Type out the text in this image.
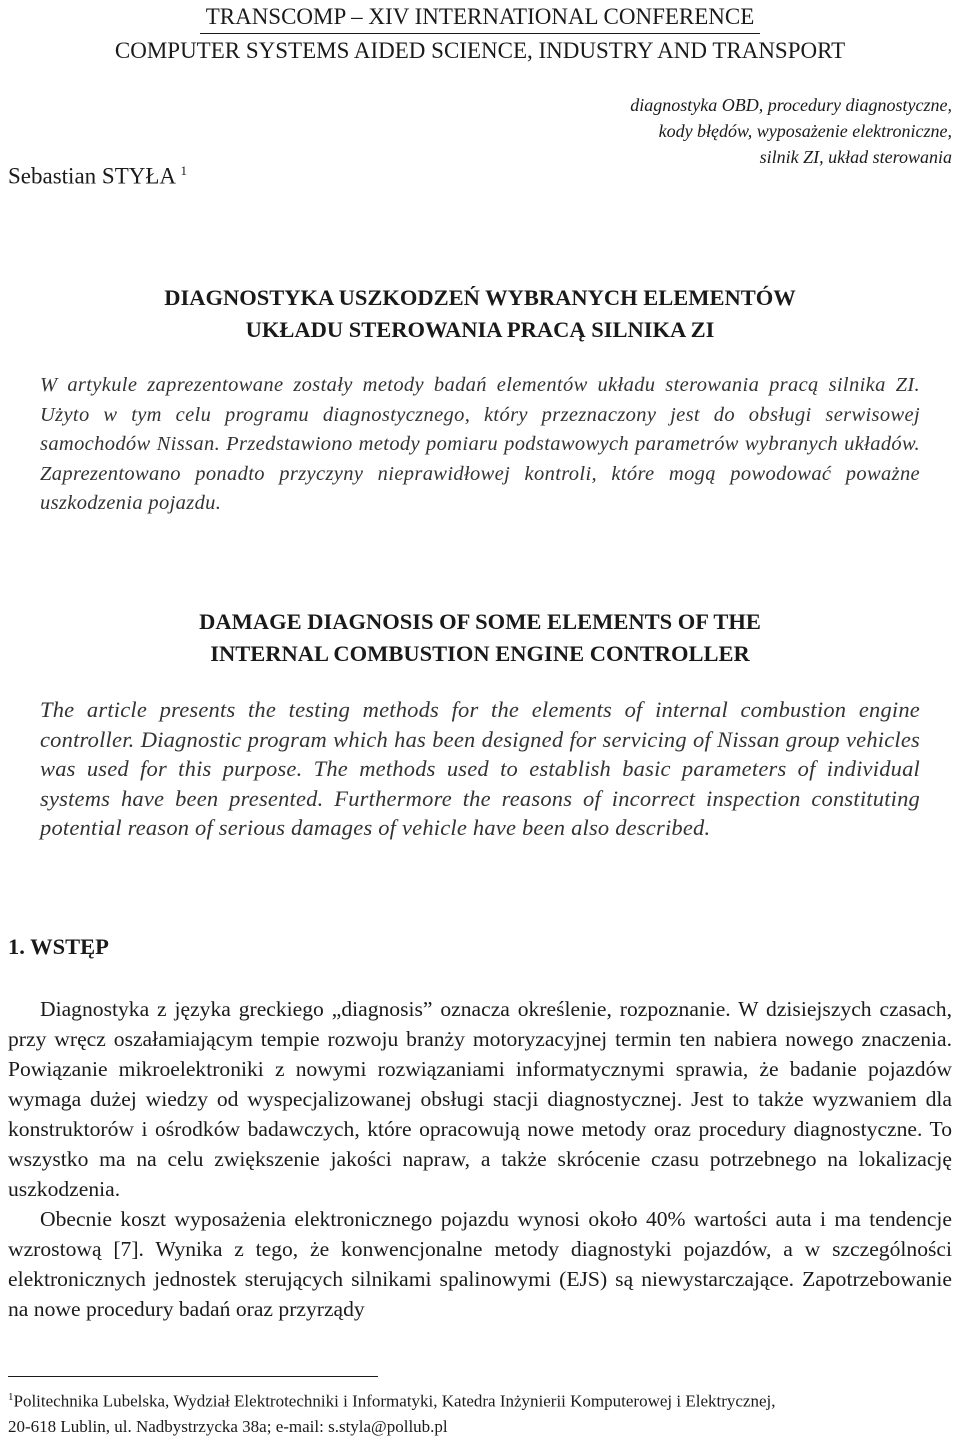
TRANSCOMP – XIV INTERNATIONAL CONFERENCE
COMPUTER SYSTEMS AIDED SCIENCE, INDUSTRY AND TRANSPORT
diagnostyka OBD, procedury diagnostyczne,
kody błędów, wyposażenie elektroniczne,
silnik ZI, układ sterowania
Sebastian STYŁA $^1$
DIAGNOSTYKA USZKODZEŃ WYBRANYCH ELEMENTÓW
UKŁADU STEROWANIA PRACĄ SILNIKA ZI
W artykule zaprezentowane zostały metody badań elementów układu sterowania pracą silnika ZI. Użyto w tym celu programu diagnostycznego, który przeznaczony jest do obsługi serwisowej samochodów Nissan. Przedstawiono metody pomiaru podstawowych parametrów wybranych układów. Zaprezentowano ponadto przyczyny nieprawidłowej kontroli, które mogą powodować poważne uszkodzenia pojazdu.
DAMAGE DIAGNOSIS OF SOME ELEMENTS OF THE
INTERNAL COMBUSTION ENGINE CONTROLLER
The article presents the testing methods for the elements of internal combustion engine controller. Diagnostic program which has been designed for servicing of Nissan group vehicles was used for this purpose. The methods used to establish basic parameters of individual systems have been presented. Furthermore the reasons of incorrect inspection constituting potential reason of serious damages of vehicle have been also described.
1. WSTĘP

Diagnostyka z języka greckiego „diagnosis” oznacza określenie, rozpoznanie. W dzisiejszych czasach, przy wręcz oszałamiającym tempie rozwoju branży motoryzacyjnej termin ten nabiera nowego znaczenia. Powiązanie mikroelektroniki z nowymi rozwiązaniami informatycznymi sprawia, że badanie pojazdów wymaga dużej wiedzy od wyspecjalizowanej obsługi stacji diagnostycznej. Jest to także wyzwaniem dla konstruktorów i ośrodków badawczych, które opracowują nowe metody oraz procedury diagnostyczne. To wszystko ma na celu zwiększenie jakości napraw, a także skrócenie czasu potrzebnego na lokalizację uszkodzenia.

Obecnie koszt wyposażenia elektronicznego pojazdu wynosi około 40% wartości auta i ma tendencje wzrostową [7]. Wynika z tego, że konwencjonalne metody diagnostyki pojazdów, a w szczególności elektronicznych jednostek sterujących silnikami spalinowymi (EJS) są niewystarczające. Zapotrzebowanie na nowe procedury badań oraz przyrządy

$^1$Politechnika Lubelska, Wydział Elektrotechniki i Informatyki, Katedra Inżynierii Komputerowej i Elektrycznej,
20-618 Lublin, ul. Nadbystrzycka 38a; e-mail: s.styla@pollub.pl
